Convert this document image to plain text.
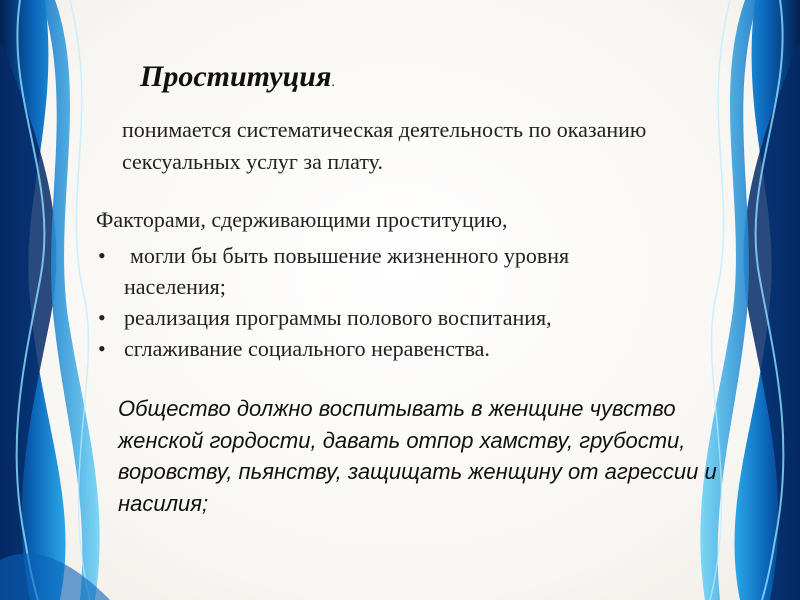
Проституция.
понимается систематическая деятельность по оказанию сексуальных услуг за плату.
Факторами, сдерживающими проституцию,
• могли бы быть повышение жизненного уровня
населения;
• реализация программы полового воспитания,
• сглаживание социального неравенства.
Общество должно воспитывать в женщине чувство женской гордости, давать отпор хамству, грубости, воровству, пьянству, защищать женщину от агрессии и насилия;
